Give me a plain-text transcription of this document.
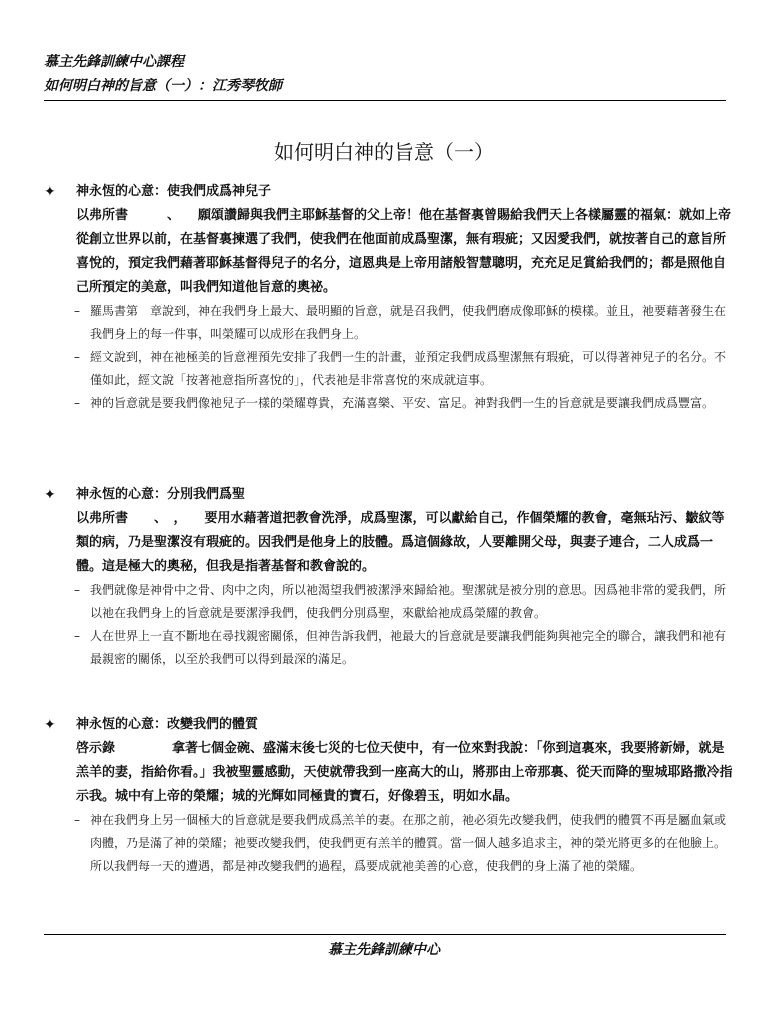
慕主先鋒訓練中心課程
如何明白神的旨意（一）：江秀琴牧師
如何明白神的旨意（一）
✦ 神永恆的心意：使我們成爲神兒子
以弗所書　　　、 願頌讚歸與我們主耶穌基督的父上帝！他在基督裏曾賜給我們天上各樣屬靈的福氣：就如上帝從創立世界以前，在基督裏揀選了我們，使我們在他面前成爲聖潔，無有瑕疵；又因愛我們，就按著自己的意旨所喜悅的，預定我們藉著耶穌基督得兒子的名分，這恩典是上帝用諸般智慧聰明，充充足足賞給我們的；都是照他自己所預定的美意，叫我們知道他旨意的奧祕。
– 羅馬書第　章說到，神在我們身上最大、最明顯的旨意，就是召我們，使我們磨成像耶穌的模樣。並且，祂要藉著發生在我們身上的每一件事，叫榮耀可以成形在我們身上。
– 經文說到，神在祂極美的旨意裡預先安排了我們一生的計畫，並預定我們成爲聖潔無有瑕疵，可以得著神兒子的名分。不僅如此，經文說「按著祂意指所喜悅的」，代表祂是非常喜悅的來成就這事。
– 神的旨意就是要我們像祂兒子一樣的榮耀尊貴，充滿喜樂、平安、富足。神對我們一生的旨意就是要讓我們成爲豐富。
✦ 神永恆的心意：分別我們爲聖
以弗所書　　、　， 要用水藉著道把教會洗淨，成爲聖潔，可以獻給自己，作個榮耀的教會，毫無玷污、皺紋等類的病，乃是聖潔沒有瑕疵的。因我們是他身上的肢體。爲這個緣故，人要離開父母，與妻子連合，二人成爲一體。這是極大的奧秘，但我是指著基督和教會說的。
– 我們就像是神骨中之骨、肉中之肉，所以祂渴望我們被潔淨來歸給祂。聖潔就是被分別的意思。因爲祂非常的愛我們，所以祂在我們身上的旨意就是要潔淨我們，使我們分別爲聖，來獻給祂成爲榮耀的教會。
– 人在世界上一直不斷地在尋找親密關係，但神告訴我們，祂最大的旨意就是要讓我們能夠與祂完全的聯合，讓我們和祂有最親密的關係，以至於我們可以得到最深的滿足。
✦ 神永恆的心意：改變我們的體質
啓示錄　　　拿著七個金碗、盛滿末後七災的七位天使中，有一位來對我說：「你到這裏來，我要將新婦，就是羔羊的妻，指給你看。」我被聖靈感動，天使就帶我到一座高大的山，將那由上帝那裏、從天而降的聖城耶路撒冷指示我。城中有上帝的榮耀；城的光輝如同極貴的寶石，好像碧玉，明如水晶。
– 神在我們身上另一個極大的旨意就是要我們成爲羔羊的妻。在那之前，祂必須先改變我們，使我們的體質不再是屬血氣或肉體，乃是滿了神的榮耀；祂要改變我們，使我們更有羔羊的體質。當一個人越多追求主，神的榮光將更多的在他臉上。所以我們每一天的遭遇，都是神改變我們的過程，爲要成就祂美善的心意，使我們的身上滿了祂的榮耀。
慕主先鋒訓練中心
